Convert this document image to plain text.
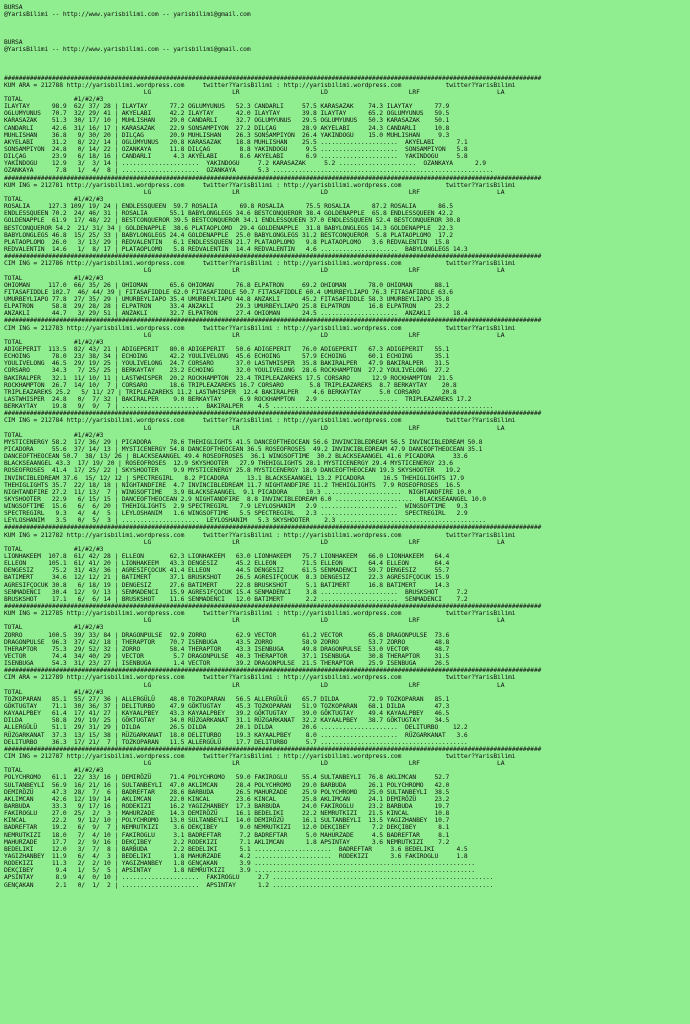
BURSA
@YarisBilimi -- http://www.yarisbilimi.com -- yarisbilimi@gmail.com
BURSA
@YarisBilimi -- http://www.yarisbilimi.com -- yarisbilimi@gmail.com
##################################################################################################################################################
KUM ARA = 212788 http://yarisbilimi.wordpress.com     twitter?YarisBilimi : http://yarisbilimi.wordpress.com            twitter?YarisBilimi
LG                      LR                      LD                      LRF                     LA
TOTAL              #1/#2/#3
ILAYTAY      98.9  62/ 37/ 28 | ILAYTAY      77.2 OGLUMYUNUS   52.3 CANDARLI     57.5 KARASAZAK    74.3 ILAYTAY      77.9
OGLUMYUNUS   70.7  32/ 29/ 41 | AKYELABI     42.2 ILAYTAY      42.0 ILAYTAY      39.8 ILAYTAY      65.2 OGLUMYUNUS   59.5
KARASAZAK    51.3  30/ 17/ 10 | MUHLISHAN    29.0 CANDARLI     32.7 OGLUMYUNUS   29.5 OGLUMYUNUS   50.3 KARASAZAK    50.1
CANDARLI     42.6  31/ 16/ 17 | KARASAZAK    22.9 SONSAMPIYON  27.2 DILÇAG       28.9 AKYELABI     24.3 CANDARLI     10.8
MUHLISHAN    36.8   9/ 30/ 20 | DILÇAG       20.9 MUHLISHAN    26.3 SONSAMPIYON  26.4 YAKINDOGU    15.0 MUHLISHAN     9.3
AKYELABI     31.2   8/ 22/ 14 | OGLUMYUNUS   20.8 KARASAZAK    18.8 MUHLISHAN    25.5 .....................  AKYELABI      7.1
SONSAMPIYON  24.8   0/ 14/ 22 | OZANKAYA     11.8 DILÇAG        8.8 YAKINDOGU     9.5 .....................  SONSAMPIYON   5.8
DILÇAG       23.9   6/ 18/ 16 | CANDARLI      4.3 AKYELABI      8.6 AKYELABI      6.9 .....................  YAKINDOGU     5.8
YAKINDOGU    12.9   3/  3/ 14 | .....................  YAKINDOGU     7.2 KARASAZAK     5.2 .....................  OZANKAYA      2.9
OZANKAYA      7.8   1/  4/  8 | .....................  OZANKAYA      5.3 ............................................................
##################################################################################################################################################
KUM ING = 212781 http://yarisbilimi.wordpress.com     twitter?YarisBilimi : http://yarisbilimi.wordpress.com            twitter?YarisBilimi
LG                      LR                      LD                      LRF                     LA
TOTAL              #1/#2/#3
ROSALIA     127.3 109/ 19/ 24 | ENDLESSQUEEN  59.7 ROSALIA      69.8 ROSALIA      75.5 ROSALIA      87.2 ROSALIA      86.5
ENDLESSQUEEN 70.2  24/ 46/ 31 | ROSALIA      55.1 BABYLONGLEGS 34.6 BESTCONQUEROR 38.4 GOLDENAPPLE  65.8 ENDLESSQUEEN 42.2
GOLDENAPPLE  61.9  17/ 48/ 22 | BESTCONQUEROR 39.5 BESTCONQUEROR 34.1 ENDLESSQUEEN 37.0 ENDLESSQUEEN 52.4 BESTCONQUEROR 30.8
BESTCONQUEROR 54.2  21/ 31/ 34 | GOLDENAPPLE  38.6 PLATAOPLOMO  29.4 GOLDENAPPLE  31.8 BABYLONGLEGS 14.3 GOLDENAPPLE  22.3
BABYLONGLEGS 46.8  15/ 25/ 33 | BABYLONGLEGS 24.4 GOLDENAPPLE  25.0 BABYLONGLEGS 31.2 BESTCONQUEROR  5.8 PLATAOPLOMO  17.2
PLATAOPLOMO  26.0   3/ 13/ 29 | REDVALENTIN   6.1 ENDLESSQUEEN 21.7 PLATAOPLOMO   9.8 PLATAOPLOMO   3.6 REDVALENTIN  15.8
REDVALENTIN  14.6   1/  8/ 17 | PLATAOPLOMO   5.8 REDVALENTIN  14.4 REDVALENTIN   4.6 .....................  BABYLONGLEGS 14.3
##################################################################################################################################################
CIM ING = 212786 http://yarisbilimi.wordpress.com     twitter?YarisBilimi : http://yarisbilimi.wordpress.com            twitter?YarisBilimi
LG                      LR                      LD                      LRF                     LA
TOTAL              #1/#2/#3
OHIOMAN     117.0  66/ 35/ 26 | OHIOMAN      65.6 OHIOMAN      76.8 ELPATRON     69.2 OHIOMAN      78.0 OHIOMAN      88.1
FITASAFIDDLE 102.7  46/ 44/ 39 | FITASAFIDDLE 62.0 FITASAFIDDLE 50.7 FITASAFIDDLE 60.4 UMURBEYLIAPO 76.3 FITASAFIDDLE 63.6
UMURBEYLIAPO 77.8  27/ 35/ 29 | UMURBEYLIAPO 35.4 UMURBEYLIAPO 44.8 ANZAKLI      45.2 FITASAFIDDLE 58.3 UMURBEYLIAPO 35.8
ELPATRON     58.8  29/ 28/ 28 | ELPATRON     33.4 ANZAKLI      29.3 UMURBEYLIAPO 25.8 ELPATRON     16.8 ELPATRON     23.2
ANZAKLI      44.7   3/ 29/ 51 | ANZAKLI      32.7 ELPATRON     27.4 OHIOMAN      24.5 .....................  ANZAKLI      18.4
##################################################################################################################################################
CIM ING = 212783 http://yarisbilimi.wordpress.com     twitter?YarisBilimi : http://yarisbilimi.wordpress.com            twitter?YarisBilimi
LG                      LR                      LD                      LRF                     LA
TOTAL              #1/#2/#3
ADIGEPERIT  113.5  82/ 43/ 21 | ADIGEPERIT   80.0 ADIGEPERIT   50.6 ADIGEPERIT   76.0 ADIGEPERIT   67.3 ADIGEPERIT   55.1
ECHOING      78.0  23/ 38/ 34 | ECHOING      42.2 YOULIVELONG  45.6 ECHOING      57.9 ECHOING      60.1 ECHOING      35.1
YOULIVELONG  46.5  29/ 19/ 25 | YOULIVELONG  24.7 CORSARO      37.0 LASTWHISPER  35.8 BAKIRALPER   47.9 BAKIRALPER   31.5
CORSARO      34.3   7/ 25/ 25 | BERKAYTAY    23.2 ECHOING      32.0 YOULIVELONG  28.6 ROCKHAMPTON  27.2 YOULIVELONG  27.2
BAKIRALPER   32.1  11/ 10/ 11 | LASTWHISPER  20.2 ROCKHAMPTON  23.4 TRIPLEAZAREKS 17.5 CORSARO      12.9 ROCKHAMPTON  21.5
ROCKHAMPTON  26.7  14/ 10/  7 | CORSARO      18.6 TRIPLEAZAREKS 16.7 CORSARO       5.8 TRIPLEAZAREKS  8.7 BERKAYTAY    20.8
TRIPLEAZAREKS 25.2   5/ 11/ 27 | TRIPLEAZAREKS 11.2 LASTWHISPER  12.4 BAKIRALPER    4.6 BERKAYTAY     5.0 CORSARO      20.8
LASTWHISPER  24.8   0/  7/ 32 | BAKIRALPER    9.0 BERKAYTAY     6.9 ROCKHAMPTON   2.9 .....................  TRIPLEAZAREKS 17.2
BERKAYTAY    19.8   9/  9/  7 | .....................  BAKIRALPER    4.5 ............................................................
##################################################################################################################################################
CIM ING = 212784 http://yarisbilimi.wordpress.com     twitter?YarisBilimi : http://yarisbilimi.wordpress.com            twitter?YarisBilimi
LG                      LR                      LD                      LRF                     LA
TOTAL              #1/#2/#3
MYSTICENERGY 58.2  17/ 36/ 29 | PICADORA     78.6 THEHIGLIGHTS 41.5 DANCEOFTHEOCEAN 56.6 INVINCIBLEDREAM 56.5 INVINCIBLEDREAM 50.8
PICADORA     55.6  37/ 14/ 13 | MYSTICENERGY 54.8 DANCEOFTHEOCEAN 36.5 ROSEOFROSES  49.2 INVINCIBLEDREAM 47.9 DANCEOFTHEOCEAN 35.1
DANCEOFTHEOCEAN 50.7  38/ 13/ 26 | BLACKSEAANGEL 49.4 ROSEOFROSES  36.1 WINGSOFTIME  30.2 BLACKSEAANGEL 41.6 PICADORA     33.6
BLACKSEAANGEL 43.3  17/ 19/ 20 | ROSEOFROSES  12.9 SKYSHOOTER   27.9 THEHIGLIGHTS 28.1 MYSTICENERGY 29.4 MYSTICENERGY 23.6
ROSEOFROSES  41.4  17/ 25/ 22 | SKYSHOOTER    9.9 MYSTICENERGY 25.8 MYSTICENERGY 18.9 DANCEOFTHEOCEAN 19.3 SKYSHOOTER   19.2
INVINCIBLEDREAM 37.6  15/ 12/ 12 | SPECTREGIRL   8.2 PICADORA     13.1 BLACKSEAANGEL 13.2 PICADORA     16.5 THEHIGLIGHTS 17.9
THEHIGLIGHTS 35.7  22/ 18/ 18 | NIGHTANDFIRE  4.7 INVINCIBLEDREAM 11.7 NIGHTANDFIRE 11.2 THEHIGLIGHTS  7.9 ROSEOFROSES  16.5
NIGHTANDFIRE 27.2  11/ 13/  7 | WINGSOFTIME   3.9 BLACKSEAANGEL  9.1 PICADORA     10.3 .....................  NIGHTANDFIRE 10.0
SKYSHOOTER   22.9   6/ 15/ 15 | DANCEOFTHEOCEAN 2.9 NIGHTANDFIRE  8.8 INVINCIBLEDREAM 6.0 .....................  BLACKSEAANGEL 10.0
WINGSOFTIME  15.6   6/  6/ 20 | THEHIGLIGHTS  2.9 SPECTREGIRL   7.9 LEYLOSHANIM   2.9 .....................  WINGSOFTIME   9.3
SPECTREGIRL   9.3   4/  4/  5 | LEYLOSHANIM   1.6 WINGSOFTIME   5.5 SPECTREGIRL   2.3 .....................  SPECTREGIRL   2.9
LEYLOSHANIM   3.5   0/  5/  3 | .....................  LEYLOSHANIM   5.3 SKYSHOOTER    2.3 ........................................
##################################################################################################################################################
KUM ING = 212782 http://yarisbilimi.wordpress.com     twitter?YarisBilimi : http://yarisbilimi.wordpress.com            twitter?YarisBilimi
LG                      LR                      LD                      LRF                     LA
TOTAL              #1/#2/#3
LIONHAKEEM  107.8  61/ 42/ 28 | ELLEON       62.3 LIONHAKEEM   63.0 LIONHAKEEM   75.7 LIONHAKEEM   66.0 LIONHAKEEM   64.4
ELLEON      105.1  61/ 41/ 20 | LIONHAKEEM   43.3 DENGESIZ     45.2 ELLEON       71.5 ELLEON       64.4 ELLEON       64.4
DENGESIZ     75.2  31/ 43/ 36 | AGRESIFÇOCUK 41.4 ELLEON       44.5 DENGESIZ     61.5 SENMADENCI   59.7 DENGESIZ     55.7
BATIMERT     34.6  12/ 12/ 21 | BATIMERT     37.1 BRUSKSHOT    26.5 AGRESIFÇOCUK  8.3 DENGESIZ     22.3 AGRESIFÇOCUK 15.9
AGRESIFÇOCUK 30.8   6/ 18/ 19 | DENGESIZ     27.6 BATIMERT     22.8 BRUSKSHOT     5.1 BATIMERT     16.8 BATIMERT     14.3
SENMADENCI   30.4  12/  9/ 13 | SENMADENCI   15.9 AGRESIFÇOCUK 15.4 SENMADENCI    3.8 .....................  BRUSKSHOT     7.2
BRUSKSHOT    17.1   6/  6/ 14 | BRUSKSHOT    11.6 SENMADENCI   12.0 BATIMERT      2.2 .....................  SENMADENCI    7.2
##################################################################################################################################################
KUM ING = 212785 http://yarisbilimi.wordpress.com     twitter?YarisBilimi : http://yarisbilimi.wordpress.com            twitter?YarisBilimi
LG                      LR                      LD                      LRF                     LA
TOTAL              #1/#2/#3
ZORRO       100.5  39/ 33/ 84 | DRAGONPULSE  92.9 ZORRO        62.9 VECTOR       61.2 VECTOR       65.8 DRAGONPULSE  73.6
DRAGONPULSE  96.3  37/ 42/ 18 | THERAPTOR    70.7 ISENBUGA     43.5 ZORRO        58.9 ZORRO        53.7 ZORRO        48.8
THERAPTOR    75.3  29/ 52/ 32 | ZORRO        58.4 THERAPTOR    43.3 ISENBUGA     49.8 DRAGONPULSE  53.0 VECTOR       48.7
VECTOR       74.4  34/ 40/ 29 | VECTOR        5.7 DRAGONPULSE  40.3 THERAPTOR    37.1 ISENBUGA     30.8 THERAPTOR    31.5
ISENBUGA     54.3  31/ 23/ 27 | ISENBUGA      1.4 VECTOR       39.2 DRAGONPULSE  21.5 THERAPTOR    25.9 ISENBUGA     26.5
##################################################################################################################################################
CIM ARA = 212789 http://yarisbilimi.wordpress.com     twitter?YarisBilimi : http://yarisbilimi.wordpress.com            twitter?YarisBilimi
LG                      LR                      LD                      LRF                     LA
TOTAL              #1/#2/#3
TOZKOPARAN   85.1  55/ 27/ 36 | ALLERGÜLÜ    48.0 TOZKOPARAN   56.5 ALLERGÜLÜ    65.7 DILDA        72.9 TOZKOPARAN   85.1
GÖKTUGTAY    71.1  30/ 36/ 37 | DELITURBO    47.9 GÖKTUGTAY    45.3 TOZKOPARAN   51.9 TOZKOPARAN   68.1 DILDA        47.3
KAYAALPBEY   61.4  17/ 41/ 27 | KAYAALPBEY   43.3 KAYAALPBEY   39.2 GÖKTUGTAY    39.0 GÖKTUGTAY    49.4 KAYAALPBEY   46.5
DILDA        58.8  29/ 19/ 25 | GÖKTUGTAY    34.0 RÜZGARKANAT  31.1 RÜZGARKANAT  32.2 KAYAALPBEY   38.7 GÖKTUGTAY    34.5
ALLERGÜLÜ    51.1  29/ 31/ 29 | DILDA        26.5 DILDA        20.1 DILDA        20.6 .....................  DELITURBO    12.2
RÜZGARKANAT  37.3  13/ 15/ 38 | RÜZGARKANAT  18.0 DELITURBO    19.3 KAYAALPBEY    8.0 .....................  RÜZGARKANAT   3.6
DELITURBO    36.3  17/ 21/  7 | TOZKOPARAN   11.5 ALLERGÜLÜ    17.7 DELITURBO     5.7 ........................................
##################################################################################################################################################
CIM ING = 212787 http://yarisbilimi.wordpress.com     twitter?YarisBilimi : http://yarisbilimi.wordpress.com            twitter?YarisBilimi
LG                      LR                      LD                      LRF                     LA
TOTAL              #1/#2/#3
POLYCHROMO   61.1  22/ 33/ 16 | DEMIRÖZÜ     71.4 POLYCHROMO   59.0 FAKIROGLU    55.4 SULTANBEYLI  76.8 AKLIMCAN     52.7
SULTANBEYLI  56.9  16/ 21/ 16 | SULTANBEYLI  47.0 AKLIMCAN     28.4 POLYCHROMO   29.0 BARBUDA      26.1 POLYCHROMO   42.0
DEMIRÖZÜ     47.3  28/  7/  6 | BADREFTAR    28.6 BARBUDA      26.5 MAHURZADE    25.9 POLYCHROMO   25.0 SULTANBEYLI  38.5
AKLIMCAN     42.6  12/ 19/ 14 | AKLIMCAN     22.0 KINCAL       23.6 KINCAL       25.8 AKLIMCAN     24.1 DEMIRÖZÜ     23.2
BARBUDA      33.3   9/ 17/ 16 | RODEKIZI     16.2 YAGIZHANBEY  17.3 BARBUDA      24.0 FAKIROGLU    23.2 BARBUDA      19.7
FAKIROGLU    27.0  25/  2/  3 | MAHURZADE    14.3 DEMIRÖZÜ     16.1 BEDELIKI     22.2 NEMRUTKIZI   21.5 KINCAL       10.8
KINCAL       22.2   9/ 12/ 10 | POLYCHROMO   13.0 SULTANBEYLI  14.0 DEMIRÖZÜ     16.1 SULTANBEYLI  13.5 YAGIZHANBEY  10.7
BADREFTAR    19.2   6/  9/  7 | NEMRUTKIZI    3.6 DEKÇIBEY      9.0 NEMRUTKIZI   12.0 DEKÇIBEY      7.2 DEKÇIBEY      8.1
NEMRUTKIZI   18.0   7/  4/ 10 | FAKIROGLU     3.1 BADREFTAR     7.2 BADREFTAR     5.0 MAHURZADE     4.5 BADREFTAR     8.1
MAHURZADE    17.7   2/  9/ 16 | DEKÇIBEY      2.2 RODEKIZI      7.1 AKLIMCAN      1.8 APSINTAY      3.6 NEMRUTKIZI    7.2
BEDELIKI     12.0   3/  7/  8 | BARBUDA       2.2 BEDELIKI      5.1 .....................  BADREFTAR     3.6 BEDELIKI      4.5
YAGIZHANBEY  11.9   6/  4/  3 | BEDELIKI      1.8 MAHURZADE     4.2 .....................  RODEKIZI      3.6 FAKIROGLU     1.8
RODEKIZI     11.3   2/  2/ 10 | YAGIZHANBEY   1.8 GENÇAKAN      3.9 ............................................................
DEKÇIBEY      9.4   1/  5/  5 | APSINTAY      1.8 NEMRUTKIZI    3.9 ............................................................
APSINTAY      8.9   4/  0/ 10 | .....................  FAKIROGLU     2.7 ............................................................
GENÇAKAN      2.1   0/  1/  2 | .....................  APSINTAY      1.2 ............................................................
